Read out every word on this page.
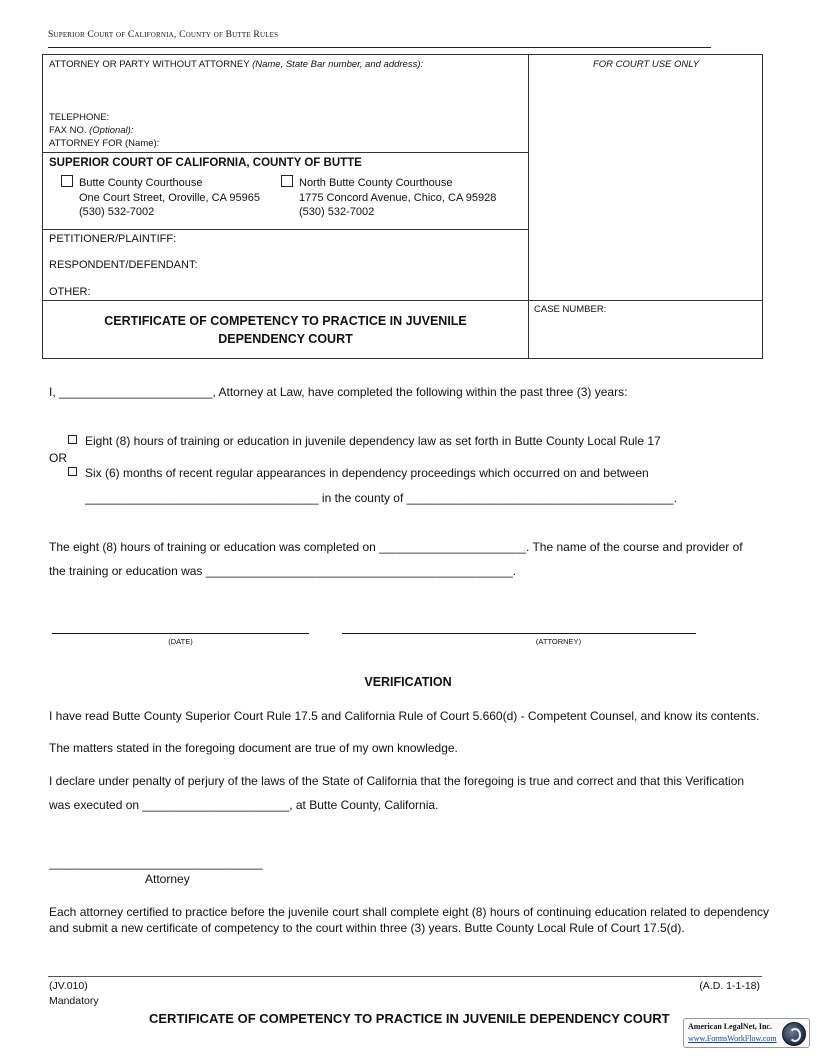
Superior Court of California, County of Butte Rules
ATTORNEY OR PARTY WITHOUT ATTORNEY (Name, State Bar number, and address):
TELEPHONE:
FAX NO. (Optional):
ATTORNEY FOR (Name):
FOR COURT USE ONLY
SUPERIOR COURT OF CALIFORNIA, COUNTY OF BUTTE
Butte County Courthouse
One Court Street, Oroville, CA 95965
(530) 532-7002
North Butte County Courthouse
1775 Concord Avenue, Chico, CA 95928
(530) 532-7002
PETITIONER/PLAINTIFF:
RESPONDENT/DEFENDANT:
OTHER:
CERTIFICATE OF COMPETENCY TO PRACTICE IN JUVENILE
DEPENDENCY COURT
CASE NUMBER:
I, _______________________, Attorney at Law, have completed the following within the past three (3) years:
Eight (8) hours of training or education in juvenile dependency law as set forth in Butte County Local Rule 17
OR
Six (6) months of recent regular appearances in dependency proceedings which occurred on and between
___________________________________ in the county of ________________________________________.
The eight (8) hours of training or education was completed on ______________________. The name of the course and provider of
the training or education was ______________________________________________.
(DATE)	(ATTORNEY)
VERIFICATION
I have read Butte County Superior Court Rule 17.5 and California Rule of Court 5.660(d) - Competent Counsel, and know its contents.
The matters stated in the foregoing document are true of my own knowledge.
I declare under penalty of perjury of the laws of the State of California that the foregoing is true and correct and that this Verification
was executed on ______________________, at Butte County, California.
________________________________
Attorney
Each attorney certified to practice before the juvenile court shall complete eight (8) hours of continuing education related to dependency and submit a new certificate of competency to the court within three (3) years. Butte County Local Rule of Court 17.5(d).
(JV.010)
Mandatory
(A.D. 1-1-18)
CERTIFICATE OF COMPETENCY TO PRACTICE IN JUVENILE DEPENDENCY COURT
American LegalNet, Inc.
www.FormsWorkFlow.com
